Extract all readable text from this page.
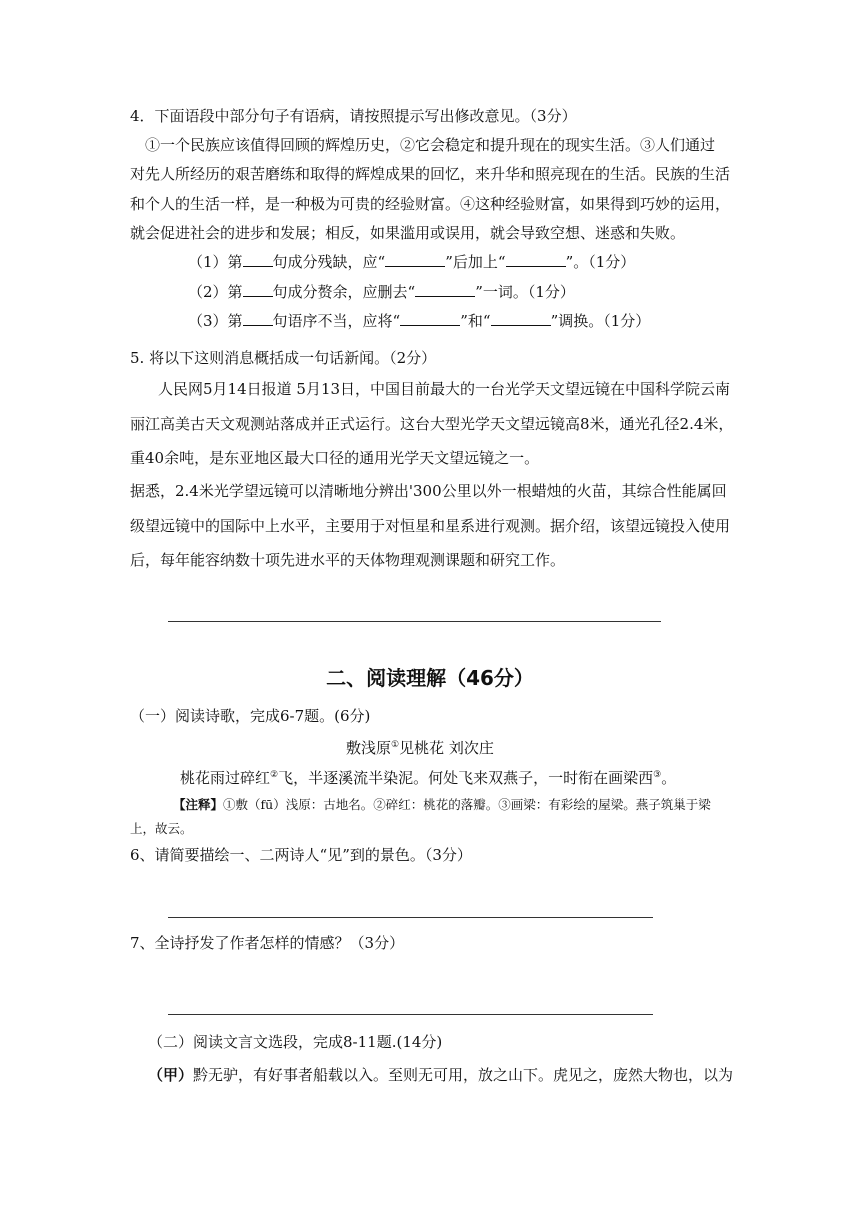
4．下面语段中部分句子有语病，请按照提示写出修改意见。（3分）
①一个民族应该值得回顾的辉煌历史，②它会稳定和提升现在的现实生活。③人们通过
对先人所经历的艰苦磨练和取得的辉煌成果的回忆，来升华和照亮现在的生活。民族的生活
和个人的生活一样，是一种极为可贵的经验财富。④这种经验财富，如果得到巧妙的运用，
就会促进社会的进步和发展；相反，如果滥用或误用，就会导致空想、迷惑和失败。
（1）第 句成分残缺，应“	”后加上“	”。（1分）
（2）第 句成分赘余，应删去“	”一词。（1分）
（3）第 句语序不当，应将“	”和“	”调换。（1分）
5. 将以下这则消息概括成一句话新闻。（2分）
人民网5月14日报道 5月13日，中国目前最大的一台光学天文望远镜在中国科学院云南
丽江高美古天文观测站落成并正式运行。这台大型光学天文望远镜高8米，通光孔径2.4米，
重40余吨，是东亚地区最大口径的通用光学天文望远镜之一。
据悉，2.4米光学望远镜可以清晰地分辨出'300公里以外一根蜡烛的火苗，其综合性能属回
级望远镜中的国际中上水平，主要用于对恒星和星系进行观测。据介绍，该望远镜投入使用
后，每年能容纳数十项先进水平的天体物理观测课题和研究工作。
二、阅读理解（46分）
（一）阅读诗歌，完成6-7题。(6分)
敷浅原①见桃花 刘次庄
桃花雨过碎红②飞，半逐溪流半染泥。何处飞来双燕子，一时衔在画梁西③。
【注释】①敷（fū）浅原：古地名。②碎红：桃花的落瓣。③画梁：有彩绘的屋梁。燕子筑巢于梁
上，故云。
6、请简要描绘一、二两诗人“见”到的景色。（3分）
7、全诗抒发了作者怎样的情感？（3分）
（二）阅读文言文选段，完成8-11题.(14分)
（甲）黔无驴，有好事者船载以入。至则无可用，放之山下。虎见之，庞然大物也，以为
